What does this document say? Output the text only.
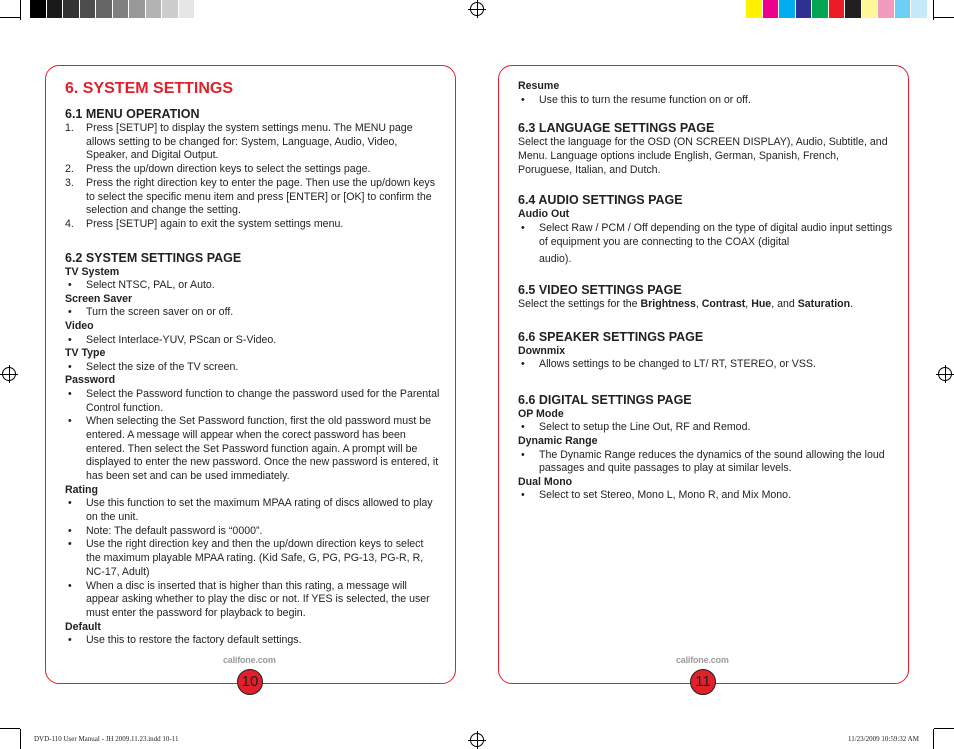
DVD-110 User Manual - JH 2009.11.23.indd 10-11	11/23/2009 10:59:32 AM
6. SYSTEM SETTINGS
6.1 MENU OPERATION
1. Press [SETUP] to display the system settings menu. The MENU page allows setting to be changed for: System, Language, Audio, Video, Speaker, and Digital Output.
2. Press the up/down direction keys to select the settings page.
3. Press the right direction key to enter the page. Then use the up/down keys to select the specific menu item and press [ENTER] or [OK] to confirm the selection and change the setting.
4. Press [SETUP] again to exit the system settings menu.
6.2 SYSTEM SETTINGS PAGE
TV System
• Select NTSC, PAL, or Auto.
Screen Saver
• Turn the screen saver on or off.
Video
• Select Interlace-YUV, PScan or S-Video.
TV Type
• Select the size of the TV screen.
Password
• Select the Password function to change the password used for the Parental Control function.
• When selecting the Set Password function, first the old password must be entered. A message will appear when the corect password has been entered. Then select the Set Password function again. A prompt will be displayed to enter the new password. Once the new password is entered, it has been set and can be used immediately.
Rating
• Use this function to set the maximum MPAA rating of discs allowed to play on the unit.
• Note: The default password is “0000”.
• Use the right direction key and then the up/down direction keys to select the maximum playable MPAA rating. (Kid Safe, G, PG, PG-13, PG-R, R, NC-17, Adult)
• When a disc is inserted that is higher than this rating, a message will appear asking whether to play the disc or not. If YES is selected, the user must enter the password for playback to begin.
Default
• Use this to restore the factory default settings.
califone.com
10
Resume
• Use this to turn the resume function on or off.
6.3 LANGUAGE SETTINGS PAGE
Select the language for the OSD (ON SCREEN DISPLAY), Audio, Subtitle, and Menu. Language options include English, German, Spanish, French, Poruguese, Italian, and Dutch.
6.4 AUDIO SETTINGS PAGE
Audio Out
• Select Raw / PCM / Off depending on the type of digital audio input settings of equipment you are connecting to the COAX (digital
audio).
6.5 VIDEO SETTINGS PAGE
Select the settings for the Brightness, Contrast, Hue, and Saturation.
6.6 SPEAKER SETTINGS PAGE
Downmix
• Allows settings to be changed to LT/ RT, STEREO, or VSS.
6.6 DIGITAL SETTINGS PAGE
OP Mode
• Select to setup the Line Out, RF and Remod.
Dynamic Range
• The Dynamic Range reduces the dynamics of the sound allowing the loud passages and quite passages to play at similar levels.
Dual Mono
• Select to set Stereo, Mono L, Mono R, and Mix Mono.
califone.com
11
